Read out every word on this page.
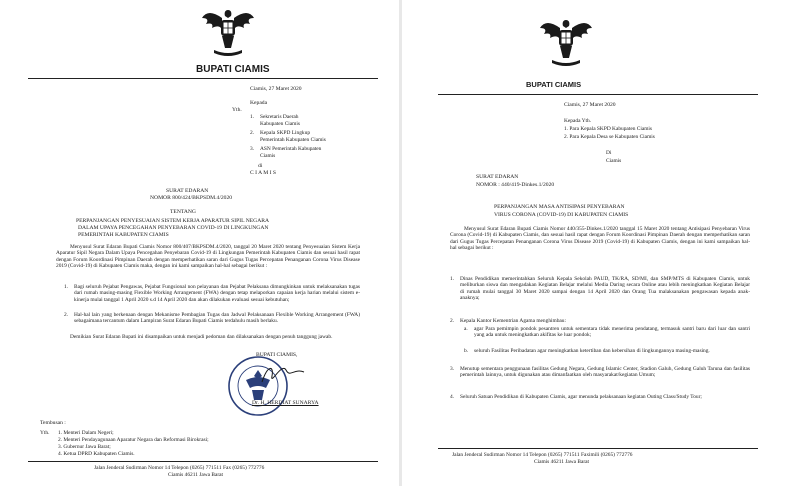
BUPATI CIAMIS

Ciamis, 27 Maret 2020

Kepada

Yth.

1. Sekretaris Daerah

Kabupaten Ciamis

2. Kepala SKPD Lingkup

Pemerintah Kabupaten Ciamis

3. ASN Pemerintah Kabupaten

Ciamis

di

C I A M I S

SURAT EDARAN

NOMOR 800/424/BKPSDM.4/2020

TENTANG

PERPANJANGAN PENYESUAIAN SISTEM KERJA APARATUR SIPIL NEGARA

DALAM UPAYA PENCEGAHAN PENYEBARAN COVID-19 DI LINGKUNGAN

PEMERINTAH KABUPATEN CIAMIS

Menyusul Surat Edaran Bupati Ciamis Nomor 800/407/BKPSDM.4/2020, tanggal 20 Maret 2020 tentang Penyesuaian Sistem Kerja Aparatur Sipil Negara Dalam Upaya Pencegahan Penyebaran Covid-19 di Lingkungan Pemerintah Kabupaten Ciamis dan sesuai hasil rapat dengan Forum Koordinasi Pimpinan Daerah dengan memperhatikan saran dari Gugus Tugas Percepatan Penanganan Corona Virus Disease 2019 (Covid-19) di Kabupaten Ciamis maka, dengan ini kami sampaikan hal-hal sebagai berikut :

1. Bagi seluruh Pejabat Pengawas, Pejabat Fungsional non pelayanan dan Pejabat Pelaksana dimungkinkan untuk melaksanakan tugas dari rumah masing-masing Flexible Working Arrangement (FWA) dengan tetap melaporkan capaian kerja harian melalui sistem e-kinerja mulai tanggal 1 April 2020 s.d 14 April 2020 dan akan dilakukan evaluasi sesuai kebutuhan;

2. Hal-hal lain yang berkenaan dengan Mekanisme Pembagian Tugas dan Jadwal Pelaksanaan Flexible Working Arrangement (FWA) sebagaimana tercantum dalam Lampiran Surat Edaran Bupati Ciamis terdahulu masih berlaku.

Demikian Surat Edaran Bupati ini disampaikan untuk menjadi pedoman dan dilaksanakan dengan penuh tanggung jawab.

BUPATI CIAMIS,

Dr. H. HERDIAT SUNARYA

Tembusan :

Yth. 1. Menteri Dalam Negeri;

2. Menteri Pendayagunaan Aparatur Negara dan Reformasi Birokrasi;

3. Gubernur Jawa Barat;

4. Ketua DPRD Kabupaten Ciamis.

Jalan Jenderal Sudirman Nomor 14 Telepon (0265) 771511 Fax (0265) 772776

Ciamis 46211 Jawa Barat

BUPATI CIAMIS

Ciamis, 27 Maret 2020

Kepada Yth.

1. Para Kepala SKPD Kabupaten Ciamis

2. Para Kepala Desa se Kabupaten Ciamis

Di

Ciamis

SURAT EDARAN

NOMOR : 440/419-Dinkes.1/2020

PERPANJANGAN MASA ANTISIPASI PENYEBARAN

VIRUS CORONA (COVID-19) DI KABUPATEN CIAMIS

Menyusul Surat Edaran Bupati Ciamis Nomor 440/355-Dinkes.1/2020 tanggal 15 Maret 2020 tentang Antisipasi Penyebaran Virus Corona (Covid-19) di Kabupaten Ciamis, dan sesuai hasil rapat dengan Forum Koordinasi Pimpinan Daerah dengan memperhatikan saran dari Gugus Tugas Percepatan Penanganan Corona Virus Disease 2019 (Covid-19) di Kabupaten Ciamis, dengan ini kami sampaikan hal-hal sebagai berikut :

1. Dinas Pendidikan memerintahkan Seluruh Kepala Sekolah PAUD, TK/RA, SD/MI, dan SMP/MTS di Kabupaten Ciamis, untuk meliburkan siswa dan mengadakan Kegiatan Belajar melalui Media Daring secara Online atau lebih meningkatkan Kegiatan Belajar di rumah mulai tanggal 30 Maret 2020 sampai dengan 14 April 2020 dan Orang Tua malaksanakan pengawasan kepada anak-anaknya;

2. Kepala Kantor Kementrian Agama menghimbau:

a. agar Para pemimpin pondok pesantren untuk sementara tidak menerima pendatang, termasuk santri baru dari luar dan santri yang ada untuk meningkatkan akifitas ke luar pondok;

b. seluruh Fasilitas Peribadatan agar meningkatkan ketertiban dan kebersihan di lingkungannya masing-masing.

3. Menutup sementara penggunaan fasilitas Gedung Negara, Gedung Islamic Center, Stadion Galuh, Gedung Galuh Taruna dan fasilitas pemerintah lainnya, untuk digunakan atau dimanfaatkan oleh masyarakat/kegiatan Umum;

4. Seluruh Satuan Pendidikan di Kabupaten Ciamis, agar menunda pelaksanaan kegiatan Outing Class/Study Tour;

Jalan Jenderal Sudirman Nomor 14 Telepon (0265) 771511 Faximili (0265) 772776

Ciamis 46211 Jawa Barat
